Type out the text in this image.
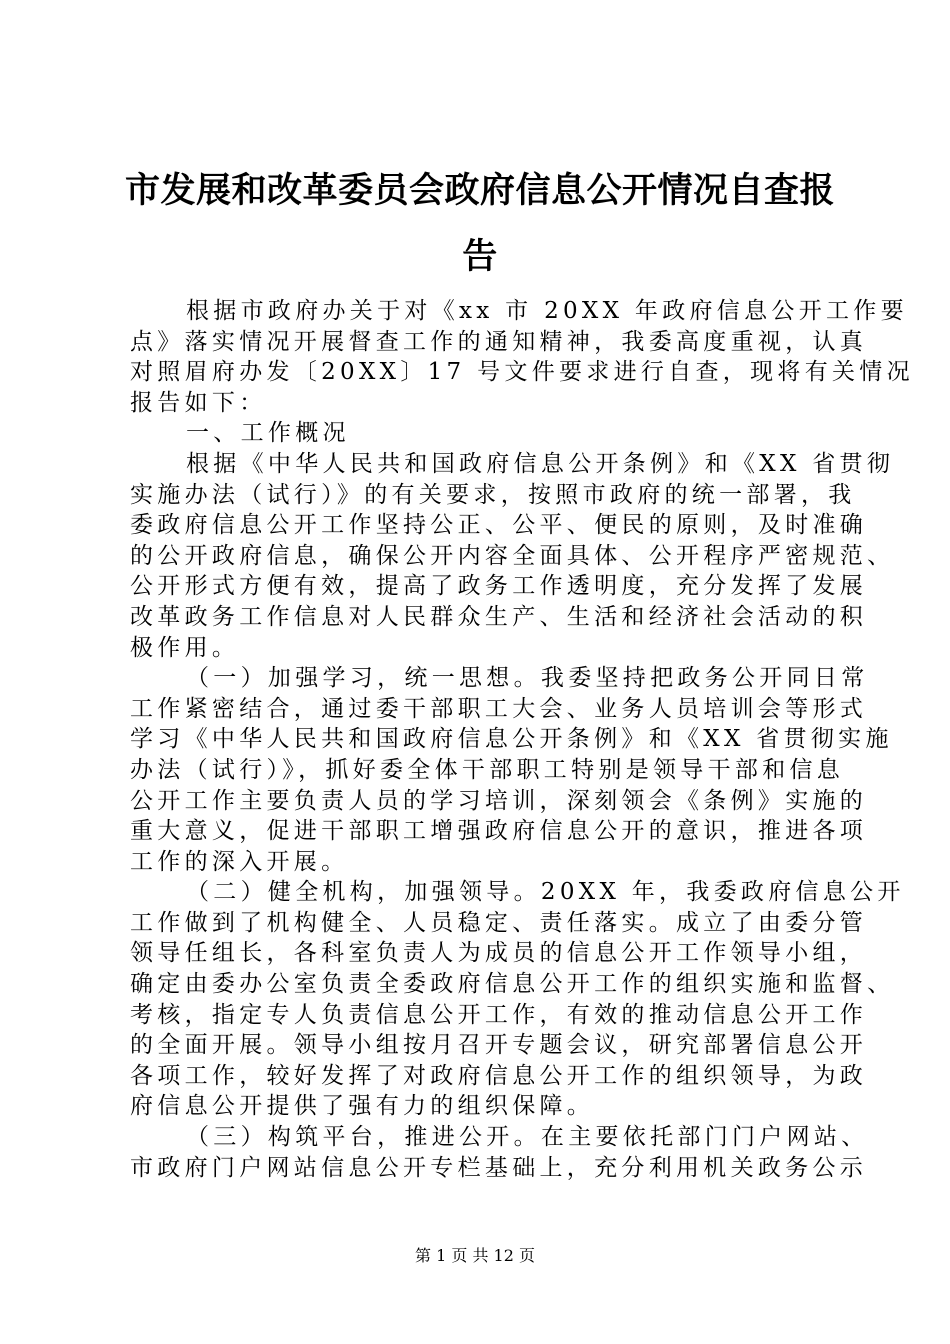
市发展和改革委员会政府信息公开情况自查报
告
根据市政府办关于对《xx 市 20XX 年政府信息公开工作要
点》落实情况开展督查工作的通知精神，我委高度重视，认真
对照眉府办发〔20XX〕17 号文件要求进行自查，现将有关情况
报告如下：
一、工作概况
根据《中华人民共和国政府信息公开条例》和《XX 省贯彻
实施办法（试行）》的有关要求，按照市政府的统一部署，我
委政府信息公开工作坚持公正、公平、便民的原则，及时准确
的公开政府信息，确保公开内容全面具体、公开程序严密规范、
公开形式方便有效，提高了政务工作透明度，充分发挥了发展
改革政务工作信息对人民群众生产、生活和经济社会活动的积
极作用。
（一）加强学习，统一思想。我委坚持把政务公开同日常
工作紧密结合，通过委干部职工大会、业务人员培训会等形式
学习《中华人民共和国政府信息公开条例》和《XX 省贯彻实施
办法（试行）》，抓好委全体干部职工特别是领导干部和信息
公开工作主要负责人员的学习培训，深刻领会《条例》实施的
重大意义，促进干部职工增强政府信息公开的意识，推进各项
工作的深入开展。
（二）健全机构，加强领导。20XX 年，我委政府信息公开
工作做到了机构健全、人员稳定、责任落实。成立了由委分管
领导任组长，各科室负责人为成员的信息公开工作领导小组，
确定由委办公室负责全委政府信息公开工作的组织实施和监督、
考核，指定专人负责信息公开工作，有效的推动信息公开工作
的全面开展。领导小组按月召开专题会议，研究部署信息公开
各项工作，较好发挥了对政府信息公开工作的组织领导，为政
府信息公开提供了强有力的组织保障。
（三）构筑平台，推进公开。在主要依托部门门户网站、
市政府门户网站信息公开专栏基础上，充分利用机关政务公示
第 1 页 共 12 页
